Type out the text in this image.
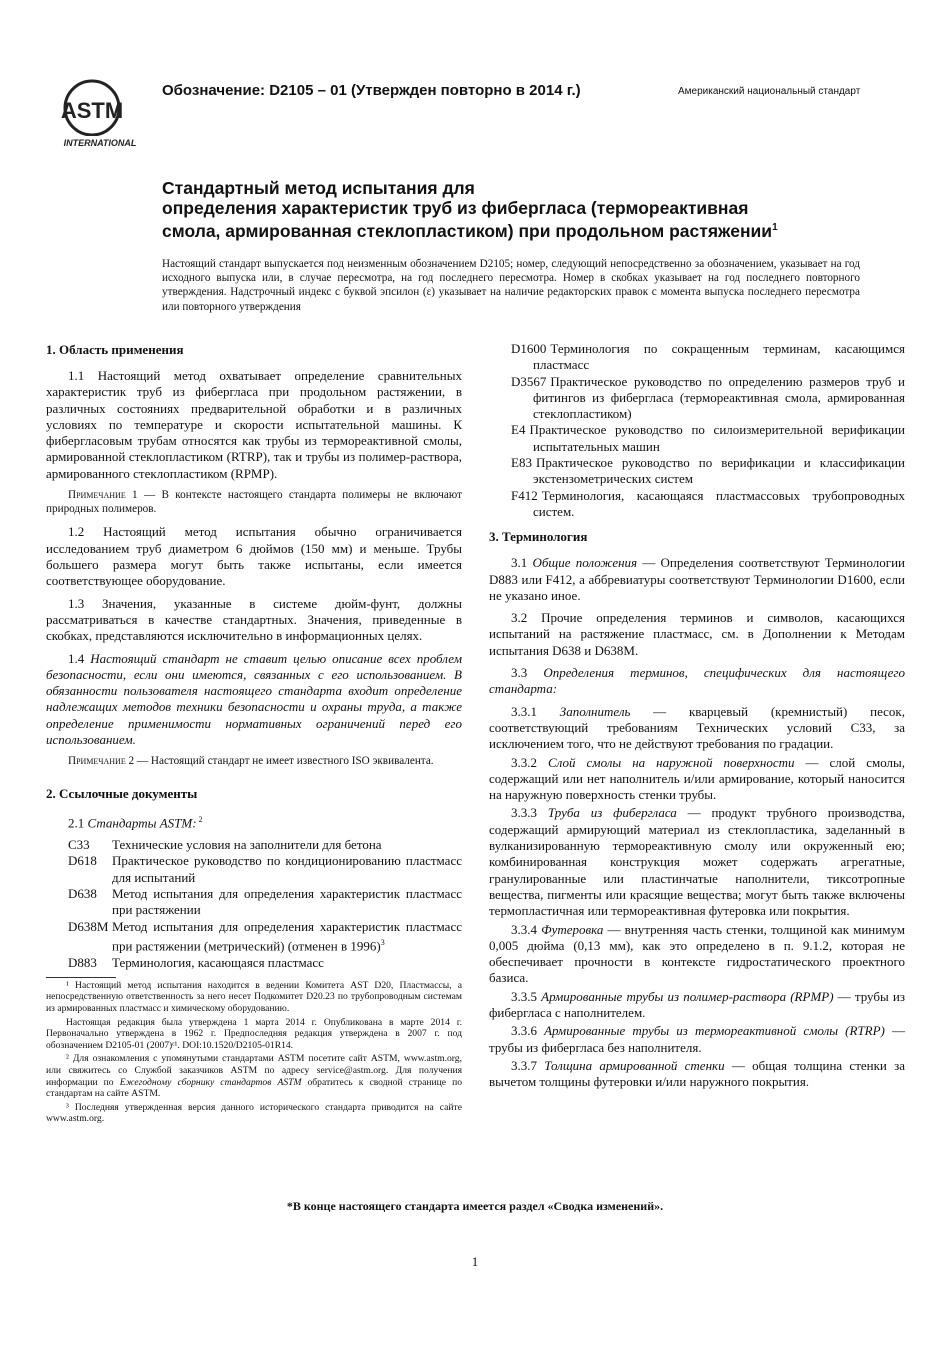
ASTM
INTERNATIONAL
Обозначение: D2105 – 01 (Утвержден повторно в 2014 г.)	Американский национальный стандарт
Стандартный метод испытания для
определения характеристик труб из фибергласа (термореактивная
смола, армированная стеклопластиком) при продольном растяжении$^1$

Настоящий стандарт выпускается под неизменным обозначением D2105; номер, следующий непосредственно за обозначением, указывает на год исходного выпуска или, в случае пересмотра, на год последнего пересмотра. Номер в скобках указывает на год последнего повторного утверждения. Надстрочный индекс с буквой эпсилон (ε) указывает на наличие редакторских правок с момента выпуска последнего пересмотра или повторного утверждения

1. Область применения

1.1 Настоящий метод охватывает определение сравнительных характеристик труб из фибергласа при продольном растяжении, в различных состояниях предварительной обработки и в различных условиях по температуре и скорости испытательной машины. К фибергласовым трубам относятся как трубы из термореактивной смолы, армированной стеклопластиком (RTRP), так и трубы из полимер-раствора, армированного стеклопластиком (RPMP).

Примечание 1 — В контексте настоящего стандарта полимеры не включают природных полимеров.

1.2 Настоящий метод испытания обычно ограничивается исследованием труб диаметром 6 дюймов (150 мм) и меньше. Трубы большего размера могут быть также испытаны, если имеется соответствующее оборудование.

1.3 Значения, указанные в системе дюйм-фунт, должны рассматриваться в качестве стандартных. Значения, приведенные в скобках, представляются исключительно в информационных целях.

1.4 Настоящий стандарт не ставит целью описание всех проблем безопасности, если они имеются, связанных с его использованием. В обязанности пользователя настоящего стандарта входит определение надлежащих методов техники безопасности и охраны труда, а также определение применимости нормативных ограничений перед его использованием.

Примечание 2 — Настоящий стандарт не имеет известного ISO эквивалента.

2. Ссылочные документы

2.1 Стандарты ASTM: $^2$

C33 Технические условия на заполнители для бетона

D618 Практическое руководство по кондиционированию пластмасс для испытаний

D638 Метод испытания для определения характеристик пластмасс при растяжении

D638M Метод испытания для определения характеристик пластмасс при растяжении (метрический) (отменен в 1996)$^3$

D883 Терминология, касающаяся пластмасс

¹ Настоящий метод испытания находится в ведении Комитета AST D20, Пластмассы, а непосредственную ответственность за него несет Подкомитет D20.23 по трубопроводным системам из армированных пластмасс и химическому оборудованию.

Настоящая редакция была утверждена 1 марта 2014 г. Опубликована в марте 2014 г. Первоначально утверждена в 1962 г. Предпоследняя редакция утверждена в 2007 г. под обозначением D2105-01 (2007)ᵋ¹. DOI:10.1520/D2105-01R14.

² Для ознакомления с упомянутыми стандартами ASTM посетите сайт ASTM, www.astm.org, или свяжитесь со Службой заказчиков ASTM по адресу service@astm.org. Для получения информации по Ежегодному сборнику стандартов ASTM обратитесь к сводной странице по стандартам на сайте ASTM.

³ Последняя утвержденная версия данного исторического стандарта приводится на сайте www.astm.org.

D1600 Терминология по сокращенным терминам, касающимся пластмасс

D3567 Практическое руководство по определению размеров труб и фитингов из фибергласа (термореактивная смола, армированная стеклопластиком)

E4 Практическое руководство по силоизмерительной верификации испытательных машин

E83 Практическое руководство по верификации и классификации экстензометрических систем

F412 Терминология, касающаяся пластмассовых трубопроводных систем.

3. Терминология

3.1 Общие положения — Определения соответствуют Терминологии D883 или F412, а аббревиатуры соответствуют Терминологии D1600, если не указано иное.

3.2 Прочие определения терминов и символов, касающихся испытаний на растяжение пластмасс, см. в Дополнении к Методам испытания D638 и D638M.

3.3 Определения терминов, специфических для настоящего стандарта:

3.3.1 Заполнитель — кварцевый (кремнистый) песок, соответствующий требованиям Технических условий C33, за исключением того, что не действуют требования по градации.

3.3.2 Слой смолы на наружной поверхности — слой смолы, содержащий или нет наполнитель и/или армирование, который наносится на наружную поверхность стенки трубы.

3.3.3 Труба из фибергласа — продукт трубного производства, содержащий армирующий материал из стеклопластика, заделанный в вулканизированную термореактивную смолу или окруженный ею; комбинированная конструкция может содержать агрегатные, гранулированные или пластинчатые наполнители, тиксотропные вещества, пигменты или красящие вещества; могут быть также включены термопластичная или термореактивная футеровка или покрытия.

3.3.4 Футеровка — внутренняя часть стенки, толщиной как минимум 0,005 дюйма (0,13 мм), как это определено в п. 9.1.2, которая не обеспечивает прочности в контексте гидростатического проектного базиса.

3.3.5 Армированные трубы из полимер-раствора (RPMP) — трубы из фибергласа с наполнителем.

3.3.6 Армированные трубы из термореактивной смолы (RTRP) — трубы из фибергласа без наполнителя.

3.3.7 Толщина армированной стенки — общая толщина стенки за вычетом толщины футеровки и/или наружного покрытия.

*В конце настоящего стандарта имеется раздел «Сводка изменений».
1
